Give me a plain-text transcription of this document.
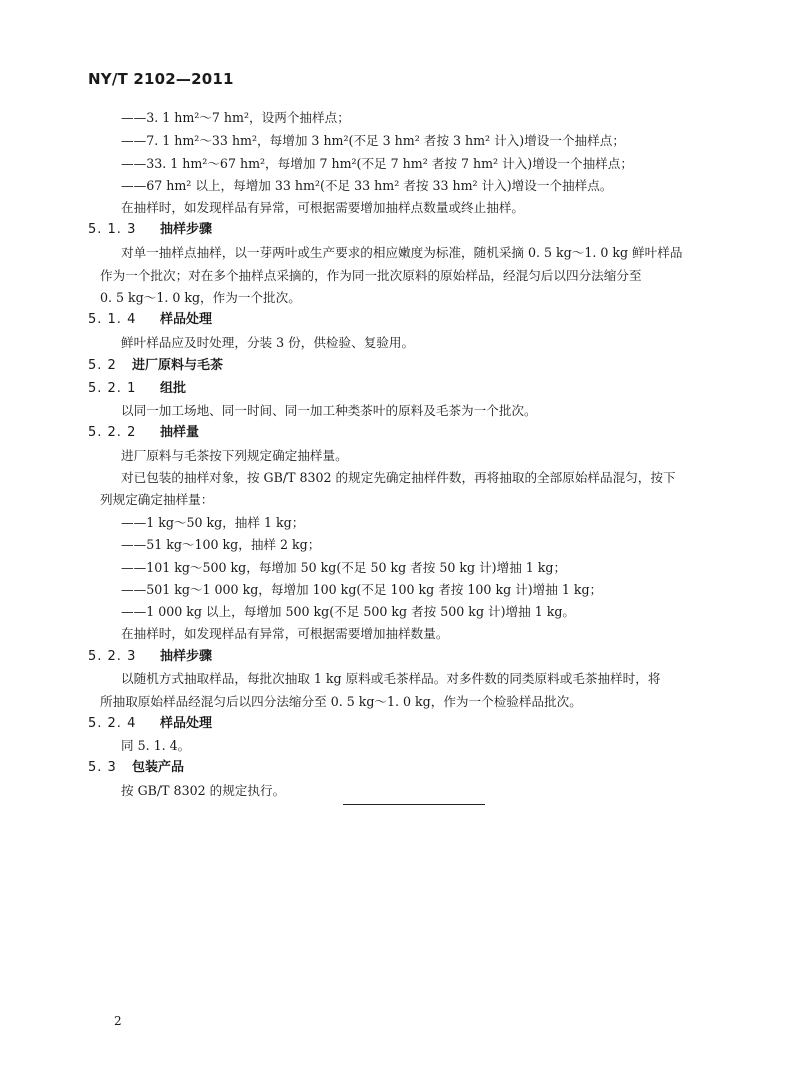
NY/T 2102—2011
——3. 1 hm²～7 hm²，设两个抽样点；
——7. 1 hm²～33 hm²，每增加 3 hm²(不足 3 hm² 者按 3 hm² 计入)增设一个抽样点；
——33. 1 hm²～67 hm²，每增加 7 hm²(不足 7 hm² 者按 7 hm² 计入)增设一个抽样点；
——67 hm² 以上，每增加 33 hm²(不足 33 hm² 者按 33 hm² 计入)增设一个抽样点。
在抽样时，如发现样品有异常，可根据需要增加抽样点数量或终止抽样。
5. 1. 3 抽样步骤
对单一抽样点抽样，以一芽两叶或生产要求的相应嫩度为标准，随机采摘 0. 5 kg～1. 0 kg 鲜叶样品
作为一个批次；对在多个抽样点采摘的，作为同一批次原料的原始样品，经混匀后以四分法缩分至
0. 5 kg～1. 0 kg，作为一个批次。
5. 1. 4 样品处理
鲜叶样品应及时处理，分装 3 份，供检验、复验用。
5. 2 进厂原料与毛茶
5. 2. 1 组批
以同一加工场地、同一时间、同一加工种类茶叶的原料及毛茶为一个批次。
5. 2. 2 抽样量
进厂原料与毛茶按下列规定确定抽样量。
对已包装的抽样对象，按 GB/T 8302 的规定先确定抽样件数，再将抽取的全部原始样品混匀，按下
列规定确定抽样量：
——1 kg～50 kg，抽样 1 kg；
——51 kg～100 kg，抽样 2 kg；
——101 kg～500 kg，每增加 50 kg(不足 50 kg 者按 50 kg 计)增抽 1 kg；
——501 kg～1 000 kg，每增加 100 kg(不足 100 kg 者按 100 kg 计)增抽 1 kg；
——1 000 kg 以上，每增加 500 kg(不足 500 kg 者按 500 kg 计)增抽 1 kg。
在抽样时，如发现样品有异常，可根据需要增加抽样数量。
5. 2. 3 抽样步骤
以随机方式抽取样品，每批次抽取 1 kg 原料或毛茶样品。对多件数的同类原料或毛茶抽样时，将
所抽取原始样品经混匀后以四分法缩分至 0. 5 kg～1. 0 kg，作为一个检验样品批次。
5. 2. 4 样品处理
同 5. 1. 4。
5. 3 包装产品
按 GB/T 8302 的规定执行。
2
